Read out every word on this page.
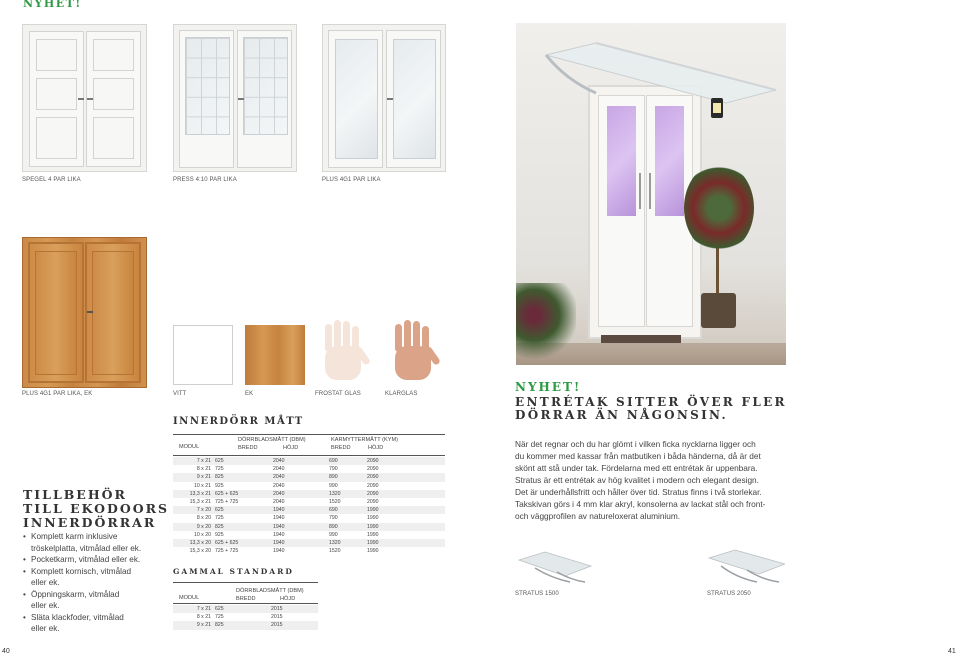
NYHET!
SPEGEL 4 PAR LIKA	PRESS 4:10 PAR LIKA	PLUS 4G1 PAR LIKA
PLUS 4G1 PAR LIKA, EK	VITT	EK	FROSTAT GLAS	KLARGLAS
TILLBEHÖR
TILL EKODOORS
INNERDÖRRAR
• Komplett karm inklusive
tröskelplatta, vitmålad eller ek.
• Pocketkarm, vitmålad eller ek.
• Komplett kornisch, vitmålad
eller ek.
• Öppningskarm, vitmålad
eller ek.
• Släta klackfoder, vitmålad
eller ek.
INNERDÖRR MÅTT
MODUL
DÖRRBLADSMÅTT (DBM)
BREDD	HÖJD
KARMYTTERMÅTT (KYM)
BREDD	HÖJD
7 x 21	625	2040	690	2090
8 x 21	725	2040	790	2090
9 x 21	825	2040	890	2090
10 x 21	925	2040	990	2090
13,3 x 21	625 + 625	2040	1320	2090
15,3 x 21	725 + 725	2040	1520	2090
7 x 20	625	1940	690	1990
8 x 20	725	1940	790	1990
9 x 20	825	1940	890	1990
10 x 20	925	1940	990	1990
13,3 x 20	625 + 625	1940	1320	1990
15,3 x 20	725 + 725	1940	1520	1990
GAMMAL STANDARD
MODUL
DÖRRBLADSMÅTT (DBM)
BREDD	HÖJD
7 x 21	625	2015
8 x 21	725	2015
9 x 21	825	2015
NYHET!
ENTRÉTAK SITTER ÖVER FLER
DÖRRAR ÄN NÅGONSIN.
När det regnar och du har glömt i vilken ficka nycklarna ligger och
du kommer med kassar från matbutiken i båda händerna, då är det
skönt att stå under tak. Fördelarna med ett entrétak är uppenbara.
Stratus är ett entrétak av hög kvalitet i modern och elegant design.
Det är underhållsfritt och håller över tid. Stratus finns i två storlekar.
Takskivan görs i 4 mm klar akryl, konsolerna av lackat stål och front-
och väggprofilen av natureloxerat aluminium.
STRATUS 1500	STRATUS 2050
40	41
